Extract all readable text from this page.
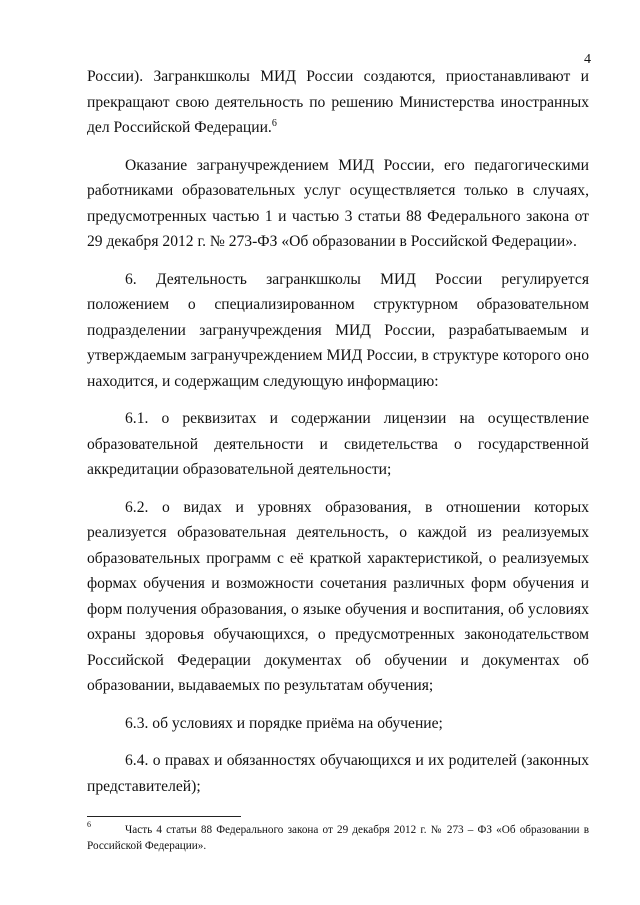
4

России). Загранкшколы МИД России создаются, приостанавливают и прекращают свою деятельность по решению Министерства иностранных дел Российской Федерации.$^6$

Оказание загранучреждением МИД России, его педагогическими работниками образовательных услуг осуществляется только в случаях, предусмотренных частью 1 и частью 3 статьи 88 Федерального закона от 29 декабря 2012 г. № 273-ФЗ «Об образовании в Российской Федерации».

6. Деятельность загранкшколы МИД России регулируется положением о специализированном структурном образовательном подразделении загранучреждения МИД России, разрабатываемым и утверждаемым загранучреждением МИД России, в структуре которого оно находится, и содержащим следующую информацию:

6.1. о реквизитах и содержании лицензии на осуществление образовательной деятельности и свидетельства о государственной аккредитации образовательной деятельности;

6.2. о видах и уровнях образования, в отношении которых реализуется образовательная деятельность, о каждой из реализуемых образовательных программ с её краткой характеристикой, о реализуемых формах обучения и возможности сочетания различных форм обучения и форм получения образования, о языке обучения и воспитания, об условиях охраны здоровья обучающихся, о предусмотренных законодательством Российской Федерации документах об обучении и документах об образовании, выдаваемых по результатам обучения;

6.3. об условиях и порядке приёма на обучение;

6.4. о правах и обязанностях обучающихся и их родителей (законных представителей);

6	Часть 4 статьи 88 Федерального закона от 29 декабря 2012 г. № 273 – ФЗ «Об образовании в Российской Федерации».
